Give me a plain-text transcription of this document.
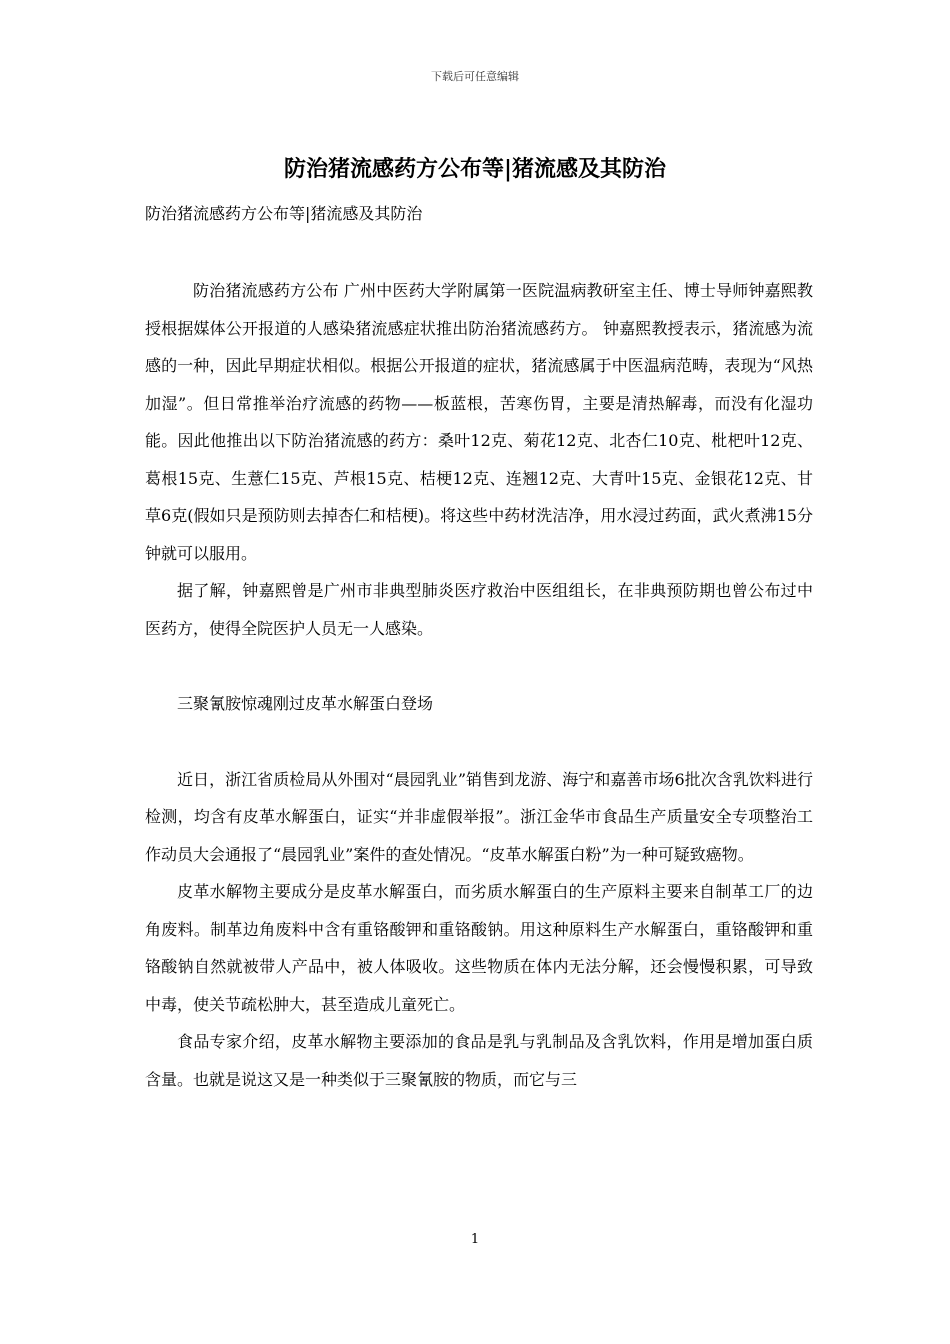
下载后可任意编辑
防治猪流感药方公布等|猪流感及其防治
防治猪流感药方公布等|猪流感及其防治

防治猪流感药方公布 广州中医药大学附属第一医院温病教研室主任、博士导师钟嘉熙教授根据媒体公开报道的人感染猪流感症状推出防治猪流感药方。 钟嘉熙教授表示，猪流感为流感的一种，因此早期症状相似。根据公开报道的症状，猪流感属于中医温病范畴，表现为“风热加湿”。但日常推举治疗流感的药物——板蓝根，苦寒伤胃，主要是清热解毒，而没有化湿功能。因此他推出以下防治猪流感的药方：桑叶12克、菊花12克、北杏仁10克、枇杷叶12克、葛根15克、生薏仁15克、芦根15克、桔梗12克、连翘12克、大青叶15克、金银花12克、甘草6克(假如只是预防则去掉杏仁和桔梗)。将这些中药材洗洁净，用水浸过药面，武火煮沸15分钟就可以服用。

据了解，钟嘉熙曾是广州市非典型肺炎医疗救治中医组组长，在非典预防期也曾公布过中医药方，使得全院医护人员无一人感染。

三聚氰胺惊魂刚过皮革水解蛋白登场

近日，浙江省质检局从外围对“晨园乳业”销售到龙游、海宁和嘉善市场6批次含乳饮料进行检测，均含有皮革水解蛋白，证实“并非虚假举报”。浙江金华市食品生产质量安全专项整治工作动员大会通报了“晨园乳业”案件的查处情况。“皮革水解蛋白粉”为一种可疑致癌物。

皮革水解物主要成分是皮革水解蛋白，而劣质水解蛋白的生产原料主要来自制革工厂的边角废料。制革边角废料中含有重铬酸钾和重铬酸钠。用这种原料生产水解蛋白，重铬酸钾和重铬酸钠自然就被带人产品中，被人体吸收。这些物质在体内无法分解，还会慢慢积累，可导致中毒，使关节疏松肿大，甚至造成儿童死亡。

食品专家介绍，皮革水解物主要添加的食品是乳与乳制品及含乳饮料，作用是增加蛋白质含量。也就是说这又是一种类似于三聚氰胺的物质，而它与三

1
